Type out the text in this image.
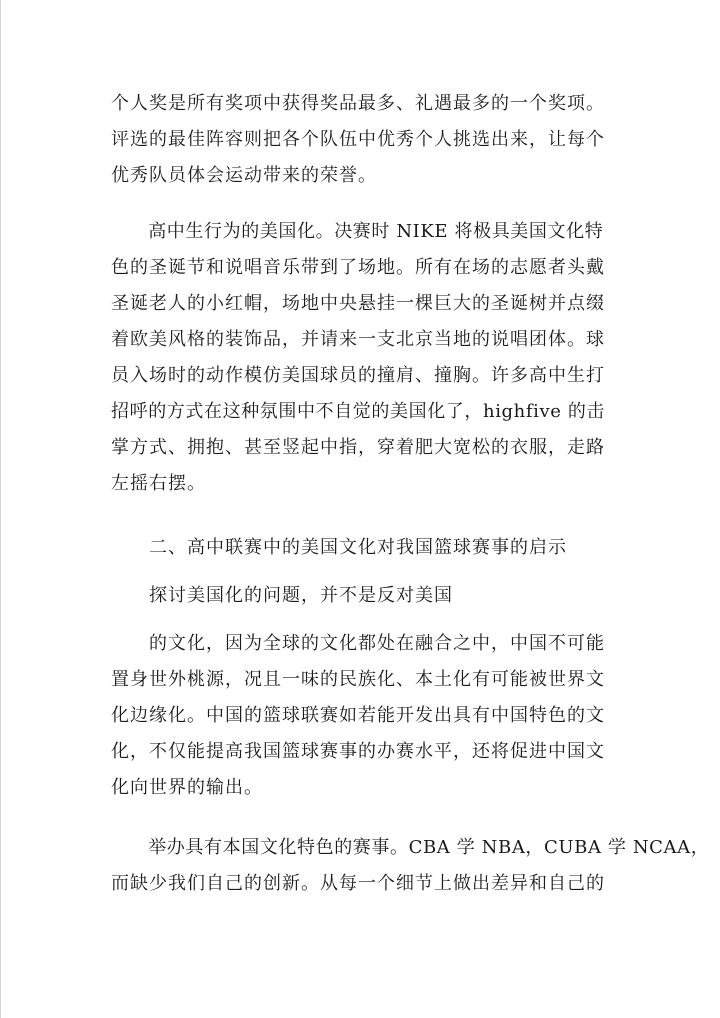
个人奖是所有奖项中获得奖品最多、礼遇最多的一个奖项。
评选的最佳阵容则把各个队伍中优秀个人挑选出来，让每个
优秀队员体会运动带来的荣誉。
　　高中生行为的美国化。决赛时 NIKE 将极具美国文化特
色的圣诞节和说唱音乐带到了场地。所有在场的志愿者头戴
圣诞老人的小红帽，场地中央悬挂一棵巨大的圣诞树并点缀
着欧美风格的装饰品，并请来一支北京当地的说唱团体。球
员入场时的动作模仿美国球员的撞肩、撞胸。许多高中生打
招呼的方式在这种氛围中不自觉的美国化了，highfive 的击
掌方式、拥抱、甚至竖起中指，穿着肥大宽松的衣服，走路
左摇右摆。
　　二、高中联赛中的美国文化对我国篮球赛事的启示
　　探讨美国化的问题，并不是反对美国
　　的文化，因为全球的文化都处在融合之中，中国不可能
置身世外桃源，况且一味的民族化、本土化有可能被世界文
化边缘化。中国的篮球联赛如若能开发出具有中国特色的文
化，不仅能提高我国篮球赛事的办赛水平，还将促进中国文
化向世界的输出。
　　举办具有本国文化特色的赛事。CBA 学 NBA，CUBA 学 NCAA，
而缺少我们自己的创新。从每一个细节上做出差异和自己的
